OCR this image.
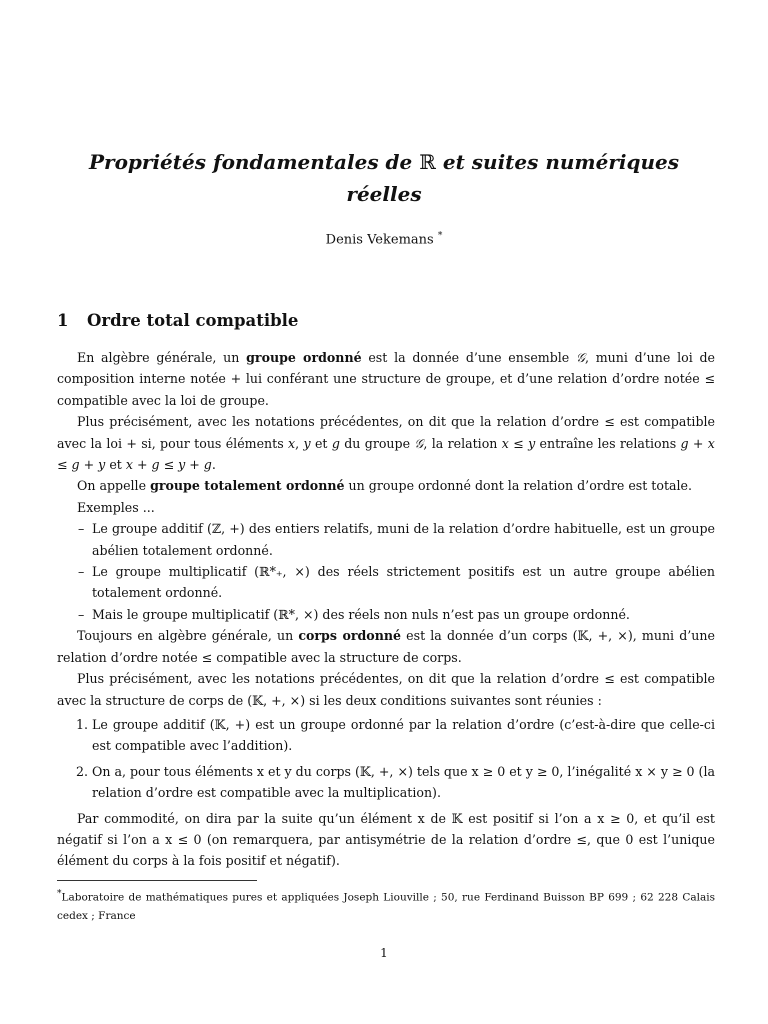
Propriétés fondamentales de ℝ et suites numériques
réelles

Denis Vekemans *

1 Ordre total compatible

En algèbre générale, un groupe ordonné est la donnée d’une ensemble 𝒢, muni d’une loi de composition interne notée + lui conférant une structure de groupe, et d’une relation d’ordre notée ≤ compatible avec la loi de groupe.

Plus précisément, avec les notations précédentes, on dit que la relation d’ordre ≤ est compatible avec la loi + si, pour tous éléments x, y et g du groupe 𝒢, la relation x ≤ y entraîne les relations g + x ≤ g + y et x + g ≤ y + g.

On appelle groupe totalement ordonné un groupe ordonné dont la relation d’ordre est totale.

Exemples ...

– Le groupe additif (ℤ, +) des entiers relatifs, muni de la relation d’ordre habituelle, est un groupe abélien totalement ordonné.
– Le groupe multiplicatif (ℝ*₊, ×) des réels strictement positifs est un autre groupe abélien totalement ordonné.
– Mais le groupe multiplicatif (ℝ*, ×) des réels non nuls n’est pas un groupe ordonné.

Toujours en algèbre générale, un corps ordonné est la donnée d’un corps (𝕂, +, ×), muni d’une relation d’ordre notée ≤ compatible avec la structure de corps.

Plus précisément, avec les notations précédentes, on dit que la relation d’ordre ≤ est compatible avec la structure de corps de (𝕂, +, ×) si les deux conditions suivantes sont réunies :

1. Le groupe additif (𝕂, +) est un groupe ordonné par la relation d’ordre (c’est-à-dire que celle-ci est compatible avec l’addition).
2. On a, pour tous éléments x et y du corps (𝕂, +, ×) tels que x ≥ 0 et y ≥ 0, l’inégalité x × y ≥ 0 (la relation d’ordre est compatible avec la multiplication).

Par commodité, on dira par la suite qu’un élément x de 𝕂 est positif si l’on a x ≥ 0, et qu’il est négatif si l’on a x ≤ 0 (on remarquera, par antisymétrie de la relation d’ordre ≤, que 0 est l’unique élément du corps à la fois positif et négatif).

*Laboratoire de mathématiques pures et appliquées Joseph Liouville ; 50, rue Ferdinand Buisson BP 699 ; 62 228 Calais cedex ; France

1
